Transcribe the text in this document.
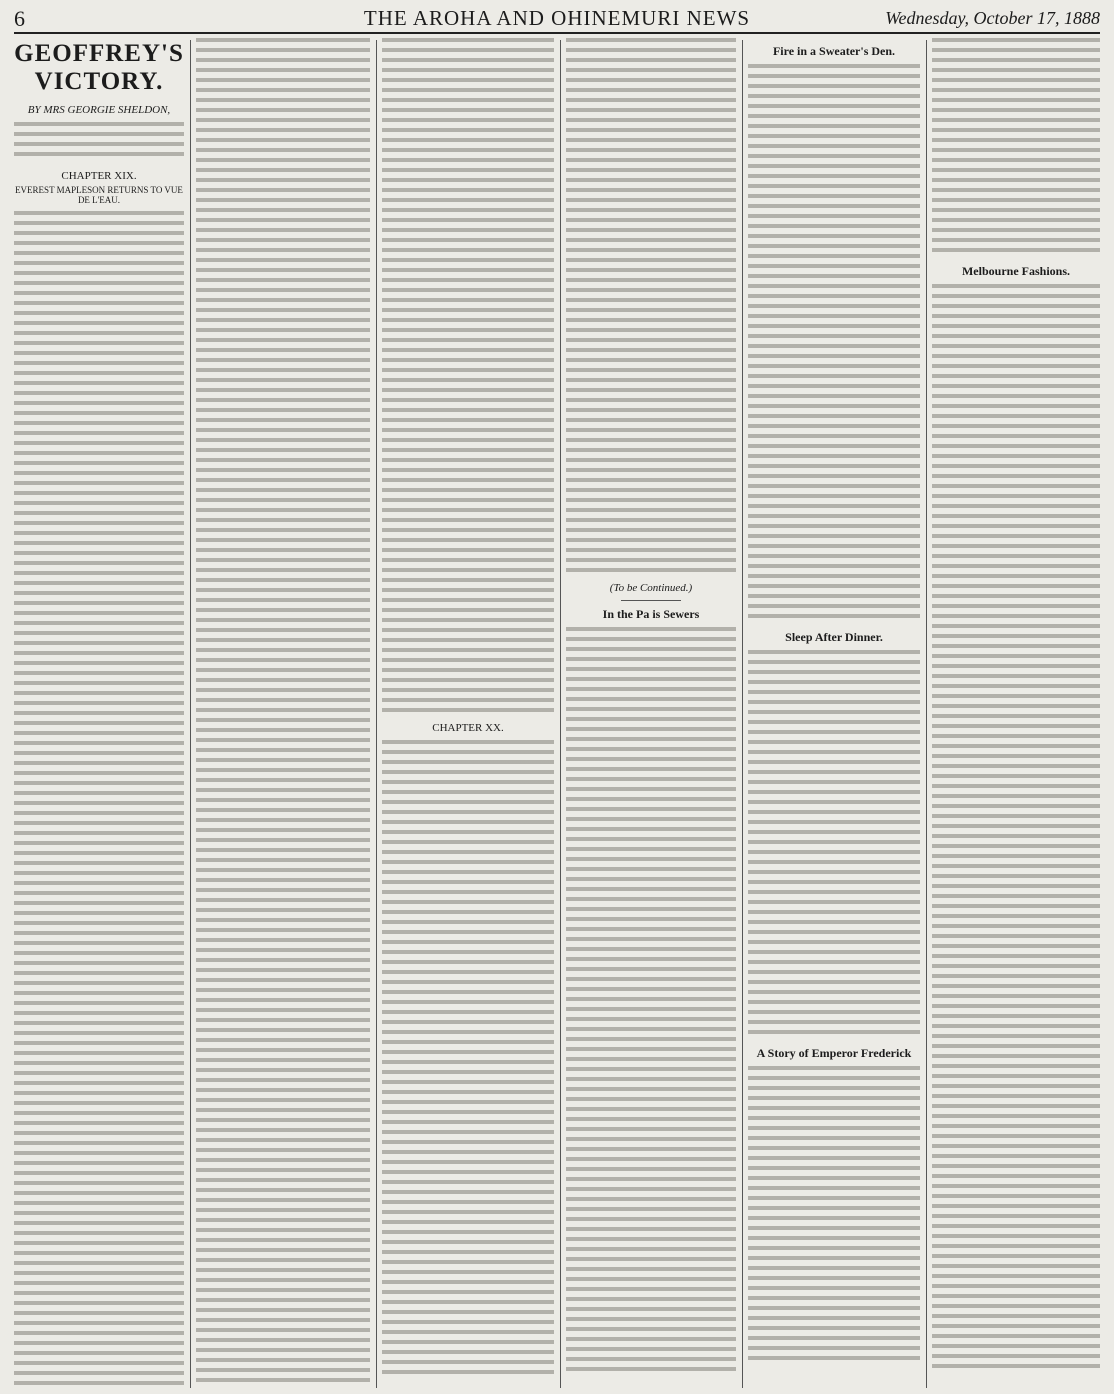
6	THE AROHA AND OHINEMURI NEWS	Wednesday, October 17, 1888
GEOFFREY'S VICTORY.
BY MRS GEORGIE SHELDON,
CHAPTER XIX.
EVEREST MAPLESON RETURNS TO VUE DE L'EAU.
CHAPTER XX.
(To be Continued.)
In the Pa is Sewers
Fire in a Sweater's Den.
Sleep After Dinner.
A Story of Emperor Frederick
Melbourne Fashions.
